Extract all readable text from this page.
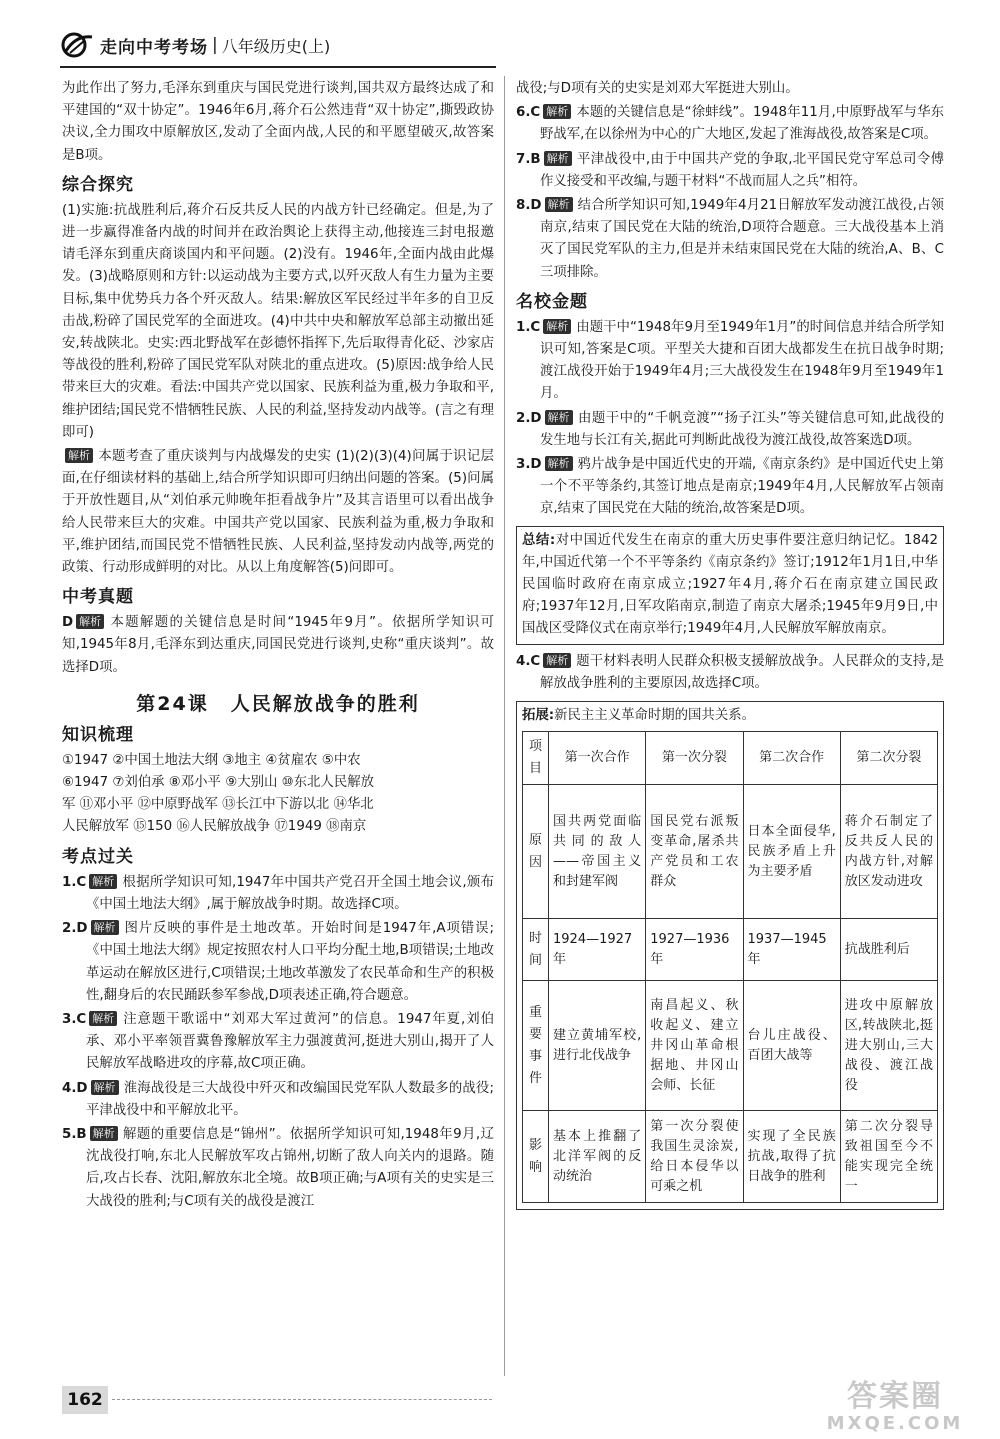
走向中考考场 | 八年级历史(上)

为此作出了努力,毛泽东到重庆与国民党进行谈判,国共双方最终达成了和平建国的“双十协定”。1946年6月,蒋介石公然违背“双十协定”,撕毁政协决议,全力围攻中原解放区,发动了全面内战,人民的和平愿望破灭,故答案是B项。

综合探究

(1)实施:抗战胜利后,蒋介石反共反人民的内战方针已经确定。但是,为了进一步赢得准备内战的时间并在政治舆论上获得主动,他接连三封电报邀请毛泽东到重庆商谈国内和平问题。(2)没有。1946年,全面内战由此爆发。(3)战略原则和方针:以运动战为主要方式,以歼灭敌人有生力量为主要目标,集中优势兵力各个歼灭敌人。结果:解放区军民经过半年多的自卫反击战,粉碎了国民党军的全面进攻。(4)中共中央和解放军总部主动撤出延安,转战陕北。史实:西北野战军在彭德怀指挥下,先后取得青化砭、沙家店等战役的胜利,粉碎了国民党军队对陕北的重点进攻。(5)原因:战争给人民带来巨大的灾难。看法:中国共产党以国家、民族利益为重,极力争取和平,维护团结;国民党不惜牺牲民族、人民的利益,坚持发动内战等。(言之有理即可)

解析 本题考查了重庆谈判与内战爆发的史实 (1)(2)(3)(4)问属于识记层面,在仔细读材料的基础上,结合所学知识即可归纳出问题的答案。(5)问属于开放性题目,从“刘伯承元帅晚年拒看战争片”及其言语里可以看出战争给人民带来巨大的灾难。中国共产党以国家、民族利益为重,极力争取和平,维护团结,而国民党不惜牺牲民族、人民利益,坚持发动内战等,两党的政策、行动形成鲜明的对比。从以上角度解答(5)问即可。

中考真题

D 解析 本题解题的关键信息是时间“1945年9月”。依据所学知识可知,1945年8月,毛泽东到达重庆,同国民党进行谈判,史称“重庆谈判”。故选择D项。

第24课 人民解放战争的胜利
知识梳理
①1947 ②中国土地法大纲 ③地主 ④贫雇农 ⑤中农
⑥1947 ⑦刘伯承 ⑧邓小平 ⑨大别山 ⑩东北人民解放
军 ⑪邓小平 ⑫中原野战军 ⑬长江中下游以北 ⑭华北
人民解放军 ⑮150 ⑯人民解放战争 ⑰1949 ⑱南京
考点过关

1.C 解析 根据所学知识可知,1947年中国共产党召开全国土地会议,颁布《中国土地法大纲》,属于解放战争时期。故选择C项。

2.D 解析 图片反映的事件是土地改革。开始时间是1947年,A项错误;《中国土地法大纲》规定按照农村人口平均分配土地,B项错误;土地改革运动在解放区进行,C项错误;土地改革激发了农民革命和生产的积极性,翻身后的农民踊跃参军参战,D项表述正确,符合题意。

3.C 解析 注意题干歌谣中“刘邓大军过黄河”的信息。1947年夏,刘伯承、邓小平率领晋冀鲁豫解放军主力强渡黄河,挺进大别山,揭开了人民解放军战略进攻的序幕,故C项正确。

4.D 解析 淮海战役是三大战役中歼灭和改编国民党军队人数最多的战役;平津战役中和平解放北平。

5.B 解析 解题的重要信息是“锦州”。依据所学知识可知,1948年9月,辽沈战役打响,东北人民解放军攻占锦州,切断了敌人向关内的退路。随后,攻占长春、沈阳,解放东北全境。故B项正确;与A项有关的史实是三大战役的胜利;与C项有关的战役是渡江

战役;与D项有关的史实是刘邓大军挺进大别山。

6.C 解析 本题的关键信息是“徐蚌线”。1948年11月,中原野战军与华东野战军,在以徐州为中心的广大地区,发起了淮海战役,故答案是C项。

7.B 解析 平津战役中,由于中国共产党的争取,北平国民党守军总司令傅作义接受和平改编,与题干材料“不战而屈人之兵”相符。

8.D 解析 结合所学知识可知,1949年4月21日解放军发动渡江战役,占领南京,结束了国民党在大陆的统治,D项符合题意。三大战役基本上消灭了国民党军队的主力,但是并未结束国民党在大陆的统治,A、B、C三项排除。

名校金题

1.C 解析 由题干中“1948年9月至1949年1月”的时间信息并结合所学知识可知,答案是C项。平型关大捷和百团大战都发生在抗日战争时期;渡江战役开始于1949年4月;三大战役发生在1948年9月至1949年1月。

2.D 解析 由题干中的“千帆竞渡”“扬子江头”等关键信息可知,此战役的发生地与长江有关,据此可判断此战役为渡江战役,故答案选D项。

3.D 解析 鸦片战争是中国近代史的开端,《南京条约》是中国近代史上第一个不平等条约,其签订地点是南京;1949年4月,人民解放军占领南京,结束了国民党在大陆的统治,故答案是D项。

总结:对中国近代发生在南京的重大历史事件要注意归纳记忆。1842年,中国近代第一个不平等条约《南京条约》签订;1912年1月1日,中华民国临时政府在南京成立;1927年4月,蒋介石在南京建立国民政府;1937年12月,日军攻陷南京,制造了南京大屠杀;1945年9月9日,中国战区受降仪式在南京举行;1949年4月,人民解放军解放南京。

4.C 解析 题干材料表明人民群众积极支援解放战争。人民群众的支持,是解放战争胜利的主要原因,故选择C项。

拓展:新民主主义革命时期的国共关系。
项目	第一次合作	第一次分裂	第二次合作	第二次分裂
原因	国共两党面临共同的敌人——帝国主义和封建军阀	国民党右派叛变革命,屠杀共产党员和工农群众	日本全面侵华,民族矛盾上升为主要矛盾	蒋介石制定了反共反人民的内战方针,对解放区发动进攻
时间	1924—1927年	1927—1936年	1937—1945年	抗战胜利后
重要事件	建立黄埔军校,进行北伐战争	南昌起义、秋收起义、建立井冈山革命根据地、井冈山会师、长征	台儿庄战役、百团大战等	进攻中原解放区,转战陕北,挺进大别山,三大战役、渡江战役
影响	基本上推翻了北洋军阀的反动统治	第一次分裂使我国生灵涂炭,给日本侵华以可乘之机	实现了全民族抗战,取得了抗日战争的胜利	第二次分裂导致祖国至今不能实现完全统一
162	答案圈
MXQE.COM
